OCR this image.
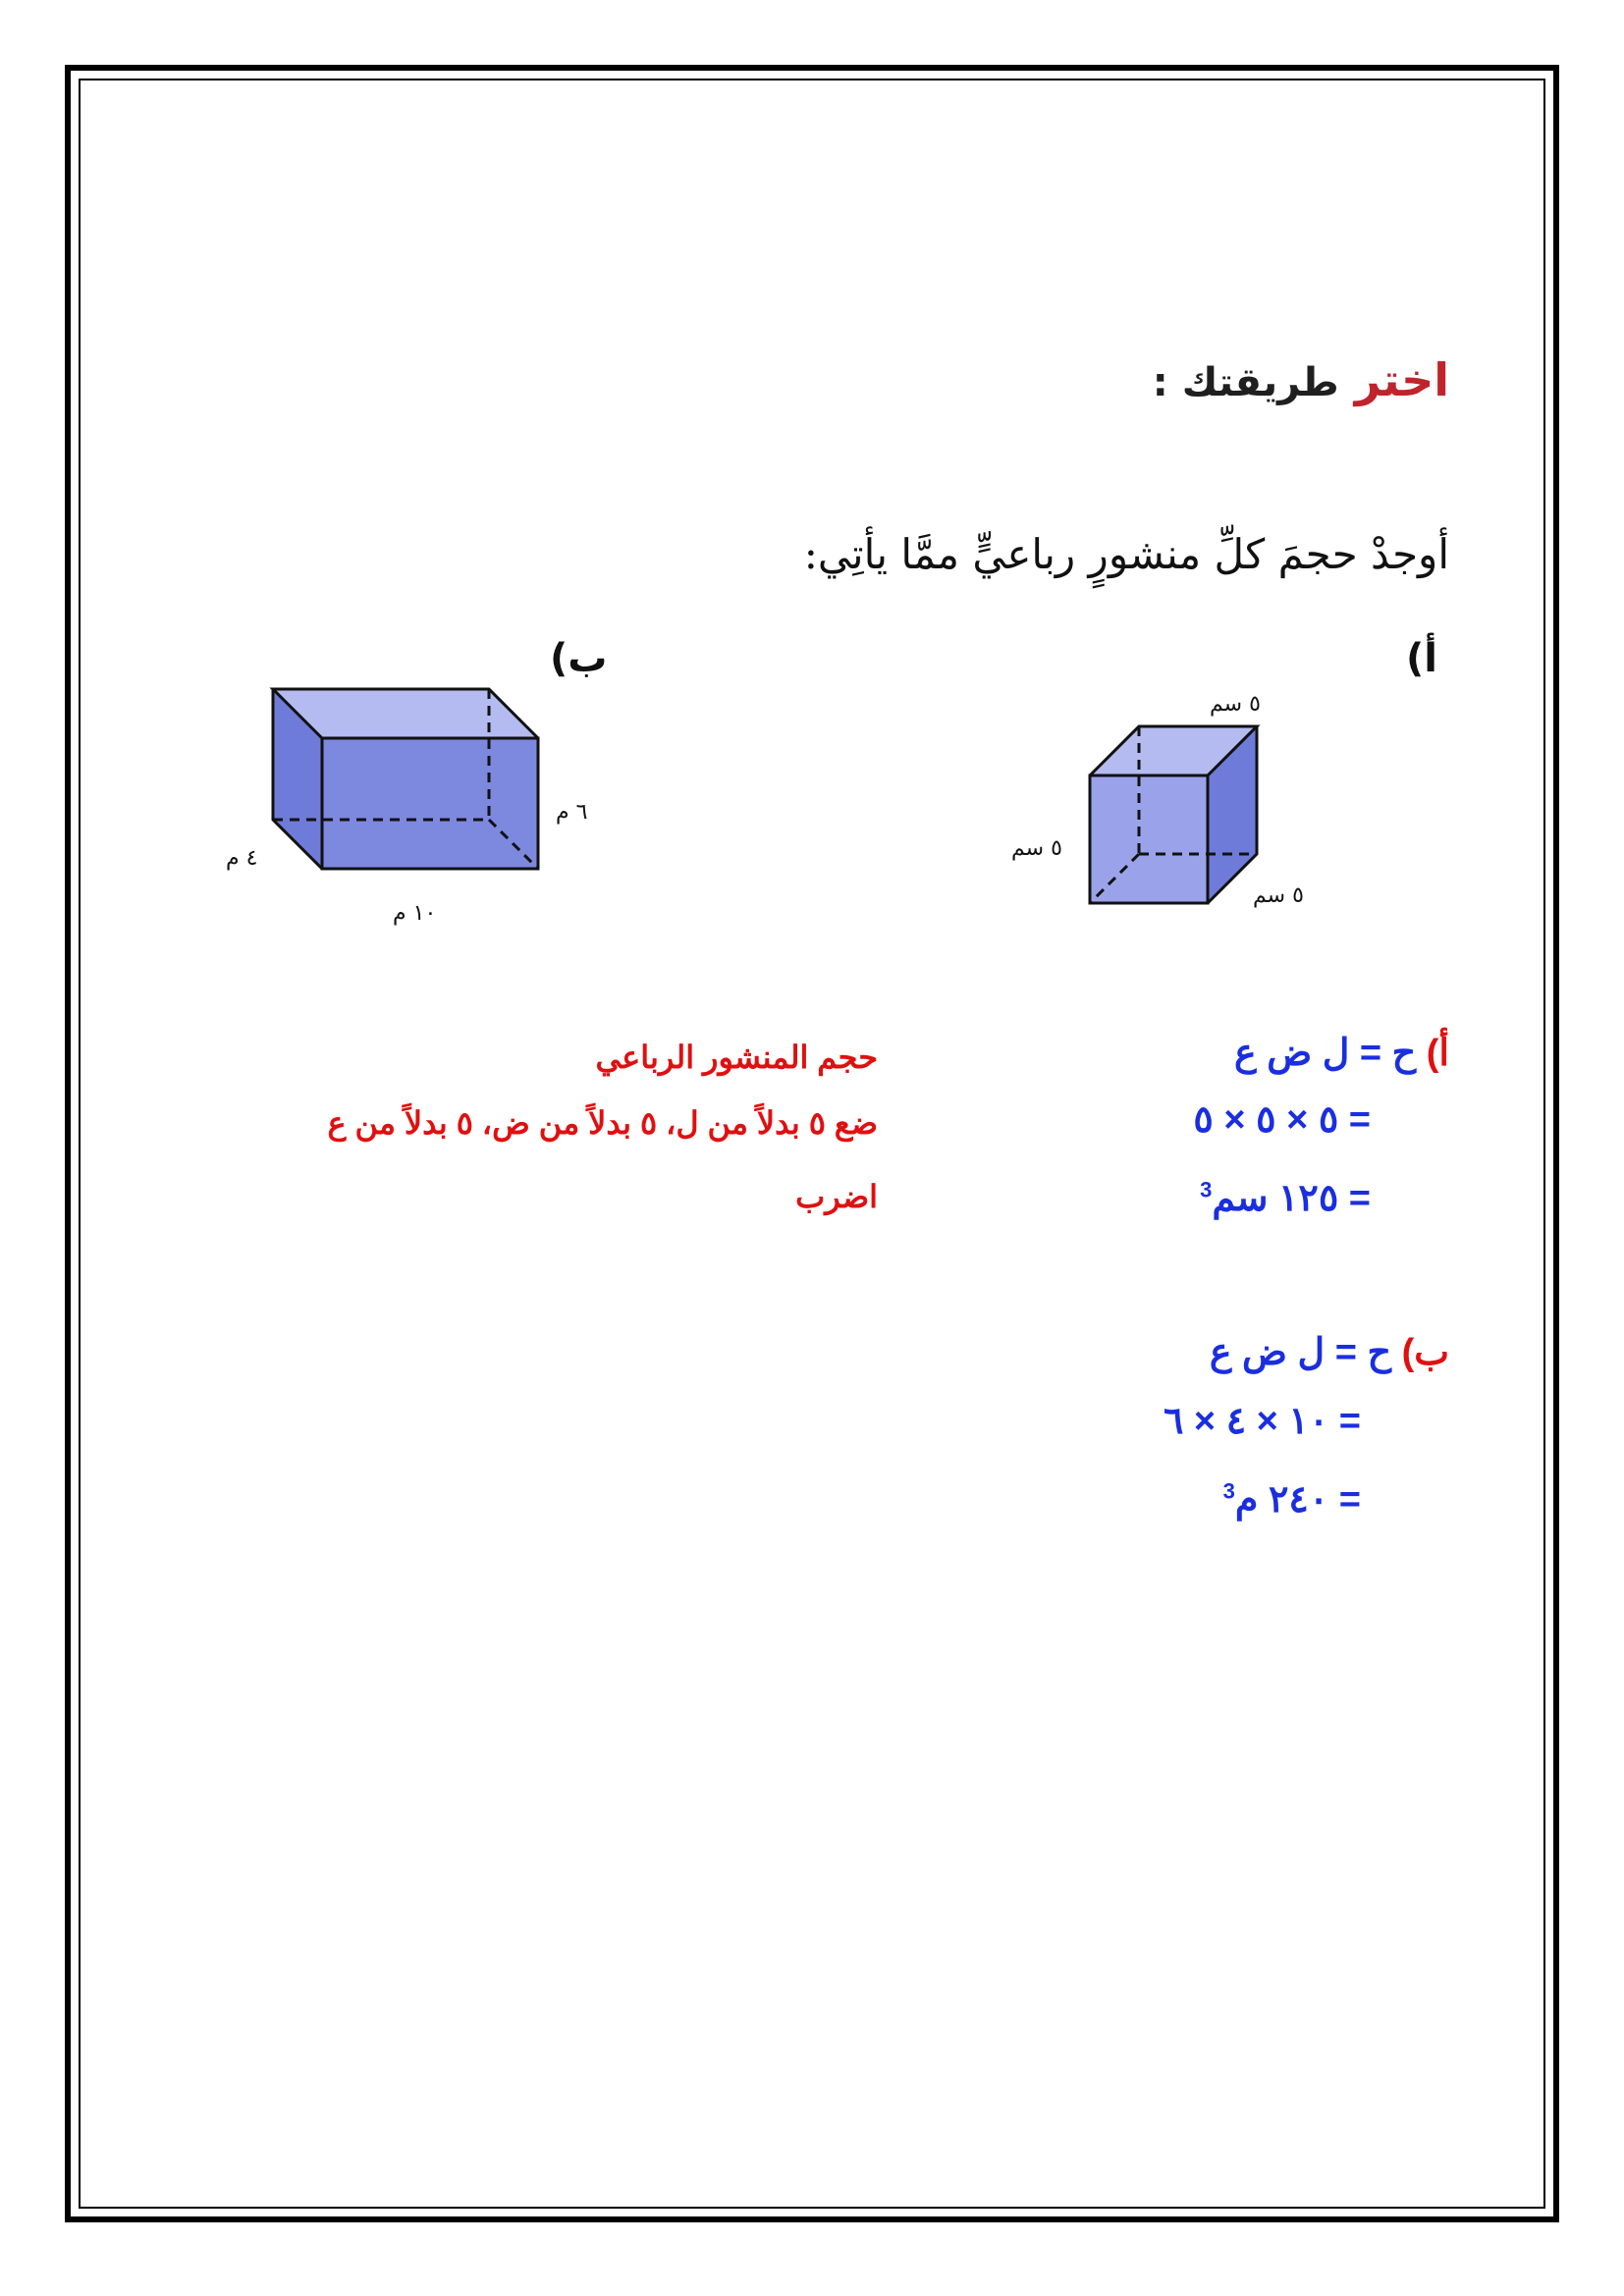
اختر طريقتك :
أوجدْ حجمَ كلِّ منشورٍ رباعيٍّ ممَّا يأتِي:
أ)
٥ سم
٥ سم
٥ سم
ب)
٦ م
٤ م
١٠ م
أ) ح = ل ض ع
= ٥ × ٥ × ٥
= ١٢٥ سم$^3$
حجم المنشور الرباعي
ضع ٥ بدلاً من ل، ٥ بدلاً من ض، ٥ بدلاً من ع
اضرب
ب) ح = ل ض ع
= ١٠ × ٤ × ٦
= ٢٤٠ م$^3$
